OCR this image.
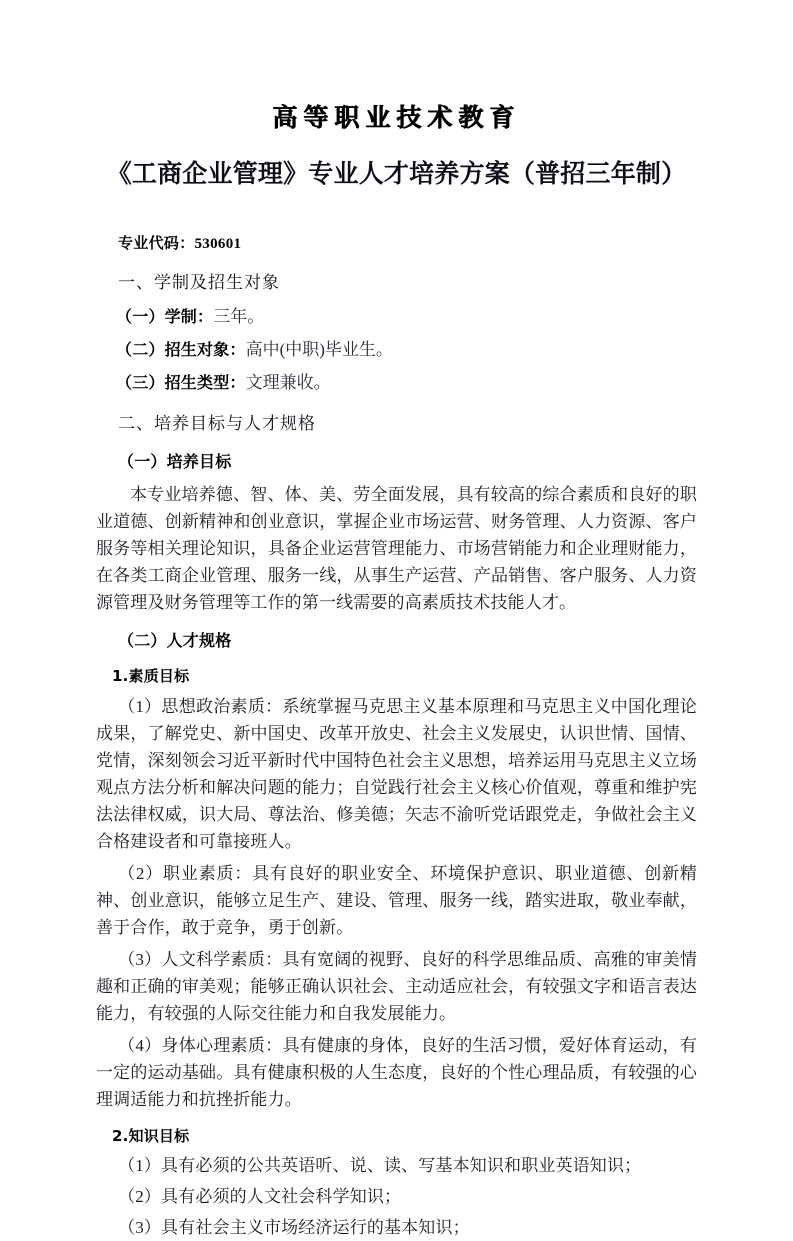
高等职业技术教育
《工商企业管理》专业人才培养方案（普招三年制）

专业代码：530601

一、学制及招生对象

（一）学制：三年。

（二）招生对象：高中(中职)毕业生。

（三）招生类型：文理兼收。

二、培养目标与人才规格
（一）培养目标

本专业培养德、智、体、美、劳全面发展，具有较高的综合素质和良好的职业道德、创新精神和创业意识，掌握企业市场运营、财务管理、人力资源、客户服务等相关理论知识，具备企业运营管理能力、市场营销能力和企业理财能力，在各类工商企业管理、服务一线，从事生产运营、产品销售、客户服务、人力资源管理及财务管理等工作的第一线需要的高素质技术技能人才。

（二）人才规格
1.素质目标

（1）思想政治素质：系统掌握马克思主义基本原理和马克思主义中国化理论成果，了解党史、新中国史、改革开放史、社会主义发展史，认识世情、国情、党情，深刻领会习近平新时代中国特色社会主义思想，培养运用马克思主义立场观点方法分析和解决问题的能力；自觉践行社会主义核心价值观，尊重和维护宪法法律权威，识大局、尊法治、修美德；矢志不渝听党话跟党走，争做社会主义合格建设者和可靠接班人。

（2）职业素质：具有良好的职业安全、环境保护意识、职业道德、创新精神、创业意识，能够立足生产、建设、管理、服务一线，踏实进取，敬业奉献，善于合作，敢于竞争，勇于创新。

（3）人文科学素质：具有宽阔的视野、良好的科学思维品质、高雅的审美情趣和正确的审美观；能够正确认识社会、主动适应社会，有较强文字和语言表达能力，有较强的人际交往能力和自我发展能力。

（4）身体心理素质：具有健康的身体，良好的生活习惯，爱好体育运动，有一定的运动基础。具有健康积极的人生态度，良好的个性心理品质，有较强的心理调适能力和抗挫折能力。

2.知识目标

（1）具有必须的公共英语听、说、读、写基本知识和职业英语知识；

（2）具有必须的人文社会科学知识；

（3）具有社会主义市场经济运行的基本知识；
